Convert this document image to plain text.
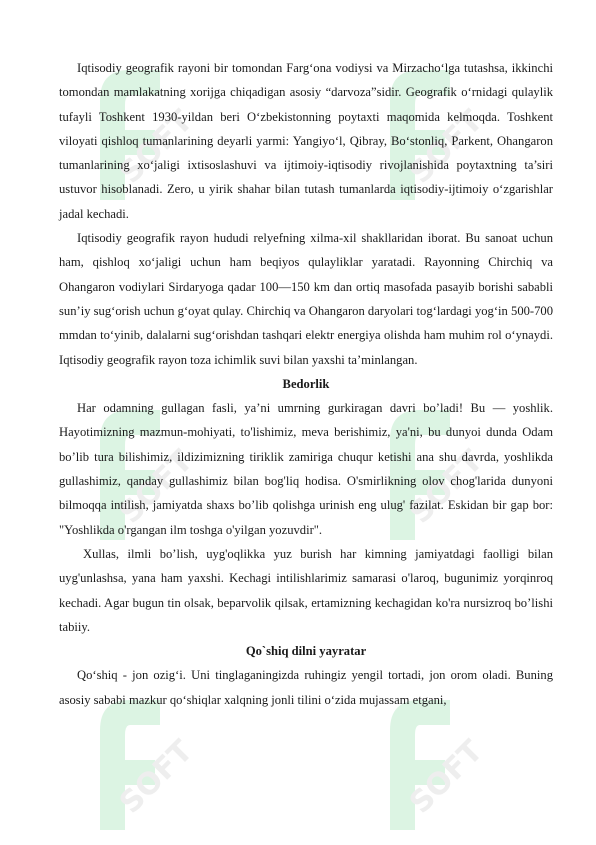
SOFT	SOFT
SOFT	SOFT
SOFT	SOFT

Iqtisodiy geografik rayoni bir tomondan Farg‘ona vodiysi va Mirzacho‘lga tutashsa, ikkinchi tomondan mamlakatning xorijga chiqadigan asosiy “darvoza”sidir. Geografik o‘rnidagi qulaylik tufayli Toshkent 1930-yildan beri O‘zbekistonning poytaxti maqomida kelmoqda. Toshkent viloyati qishloq tumanlarining deyarli yarmi: Yangiyo‘l, Qibray, Bo‘stonliq, Parkent, Ohangaron tumanlarining xo‘jaligi ixtisoslashuvi va ijtimoiy-iqtisodiy rivojlanishida poytaxtning ta’siri ustuvor hisoblanadi. Zero, u yirik shahar bilan tutash tumanlarda iqtisodiy-ijtimoiy o‘zgarishlar jadal kechadi.

Iqtisodiy geografik rayon hududi relyefning xilma-xil shakllaridan iborat. Bu sanoat uchun ham, qishloq xo‘jaligi uchun ham beqiyos qulayliklar yaratadi. Rayonning Chirchiq va Ohangaron vodiylari Sirdaryoga qadar 100—150 km dan ortiq masofada pasayib borishi sababli sun’iy sug‘orish uchun g‘oyat qulay. Chirchiq va Ohangaron daryolari tog‘lardagi yog‘in 500-700 mmdan to‘yinib, dalalarni sug‘orishdan tashqari elektr energiya olishda ham muhim rol o‘ynaydi. Iqtisodiy geografik rayon toza ichimlik suvi bilan yaxshi ta’minlangan.

Bedorlik

Har odamning gullagan fasli, ya’ni umrning gurkiragan davri bo’ladi! Bu — yoshlik. Hayotimizning mazmun-mohiyati, to'lishimiz, meva berishimiz, ya'ni, bu dunyoi dunda Odam bo’lib tura bilishimiz, ildizimizning tiriklik zamiriga chuqur ketishi ana shu davrda, yoshlikda gullashimiz, qanday gullashimiz bilan bog'liq hodisa. O'smirlikning olov chog'larida dunyoni bilmoqqa intilish, jamiyatda shaxs bo’lib qolishga urinish eng ulug' fazilat. Eskidan bir gap bor: "Yoshlikda o'rgangan ilm toshga o'yilgan yozuvdir".

Xullas, ilmli bo’lish, uyg'oqlikka yuz burish har kimning jamiyatdagi faolligi bilan uyg'unlashsa, yana ham yaxshi. Kechagi intilishlarimiz samarasi o'laroq, bugunimiz yorqinroq kechadi. Agar bugun tin olsak, beparvolik qilsak, ertamizning kechagidan ko'ra nursizroq bo’lishi tabiiy.

Qo`shiq dilni yayratar

Qo‘shiq - jon ozig‘i. Uni tinglaganingizda ruhingiz yengil tortadi, jon orom oladi. Buning asosiy sababi mazkur qo‘shiqlar xalqning jonli tilini o‘zida mujassam etgani,
